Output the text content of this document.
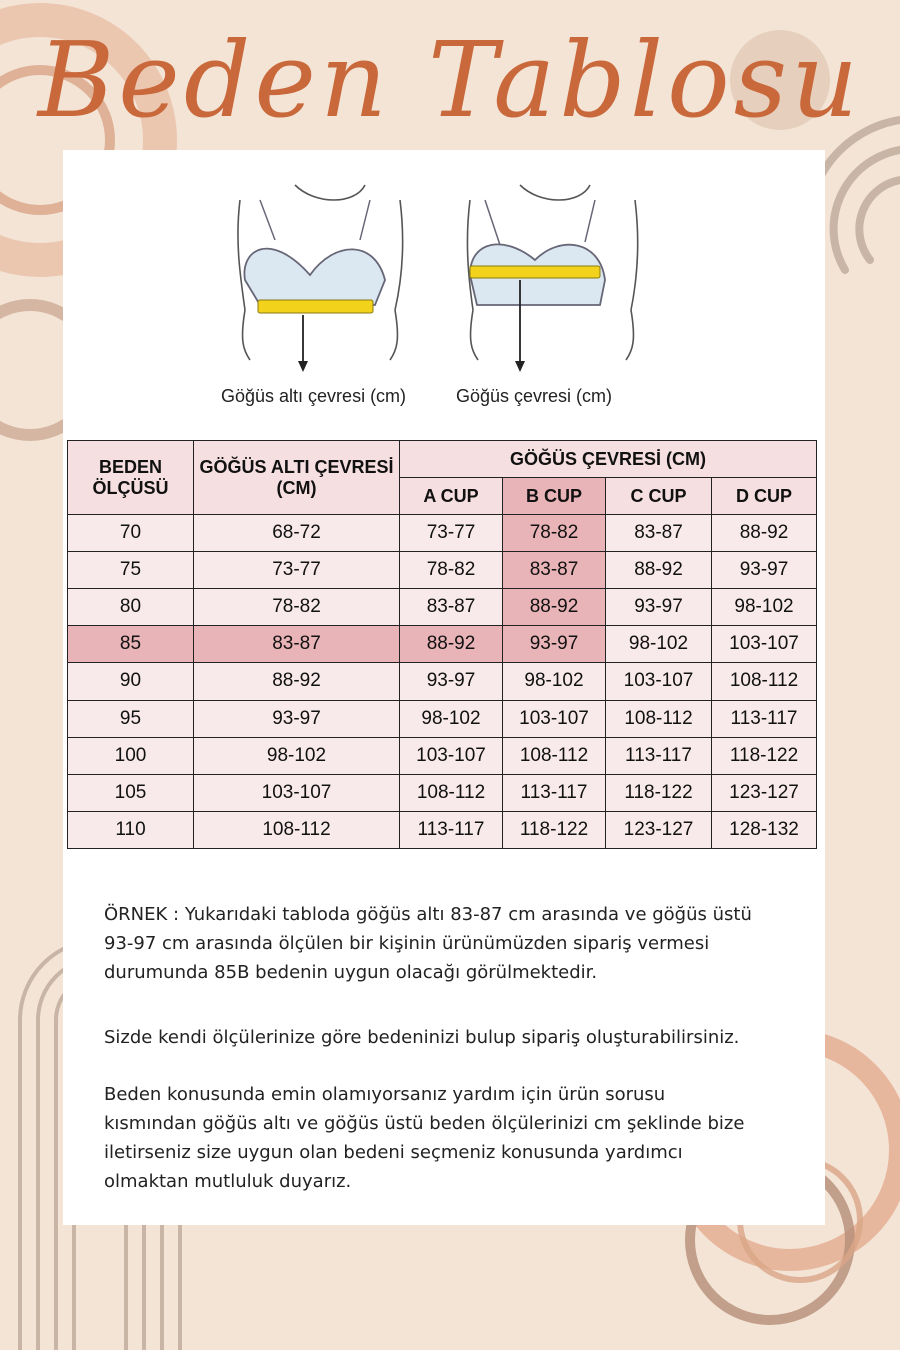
Beden Tablosu
Göğüs altı çevresi (cm)	Göğüs çevresi (cm)
BEDEN ÖLÇÜSÜ	GÖĞÜS ALTI ÇEVRESİ (CM)	GÖĞÜS ÇEVRESİ (CM)			
		A CUP	B CUP	C CUP	D CUP
70	68-72	73-77	78-82	83-87	88-92
75	73-77	78-82	83-87	88-92	93-97
80	78-82	83-87	88-92	93-97	98-102
85	83-87	88-92	93-97	98-102	103-107
90	88-92	93-97	98-102	103-107	108-112
95	93-97	98-102	103-107	108-112	113-117
100	98-102	103-107	108-112	113-117	118-122
105	103-107	108-112	113-117	118-122	123-127
110	108-112	113-117	118-122	123-127	128-132

ÖRNEK : Yukarıdaki tabloda göğüs altı 83-87 cm arasında ve göğüs üstü 93-97 cm arasında ölçülen bir kişinin ürünümüzden sipariş vermesi durumunda 85B bedenin uygun olacağı görülmektedir.

Sizde kendi ölçülerinize göre bedeninizi bulup sipariş oluşturabilirsiniz.

Beden konusunda emin olamıyorsanız yardım için ürün sorusu kısmından göğüs altı ve göğüs üstü beden ölçülerinizi cm şeklinde bize iletirseniz size uygun olan bedeni seçmeniz konusunda yardımcı olmaktan mutluluk duyarız.
